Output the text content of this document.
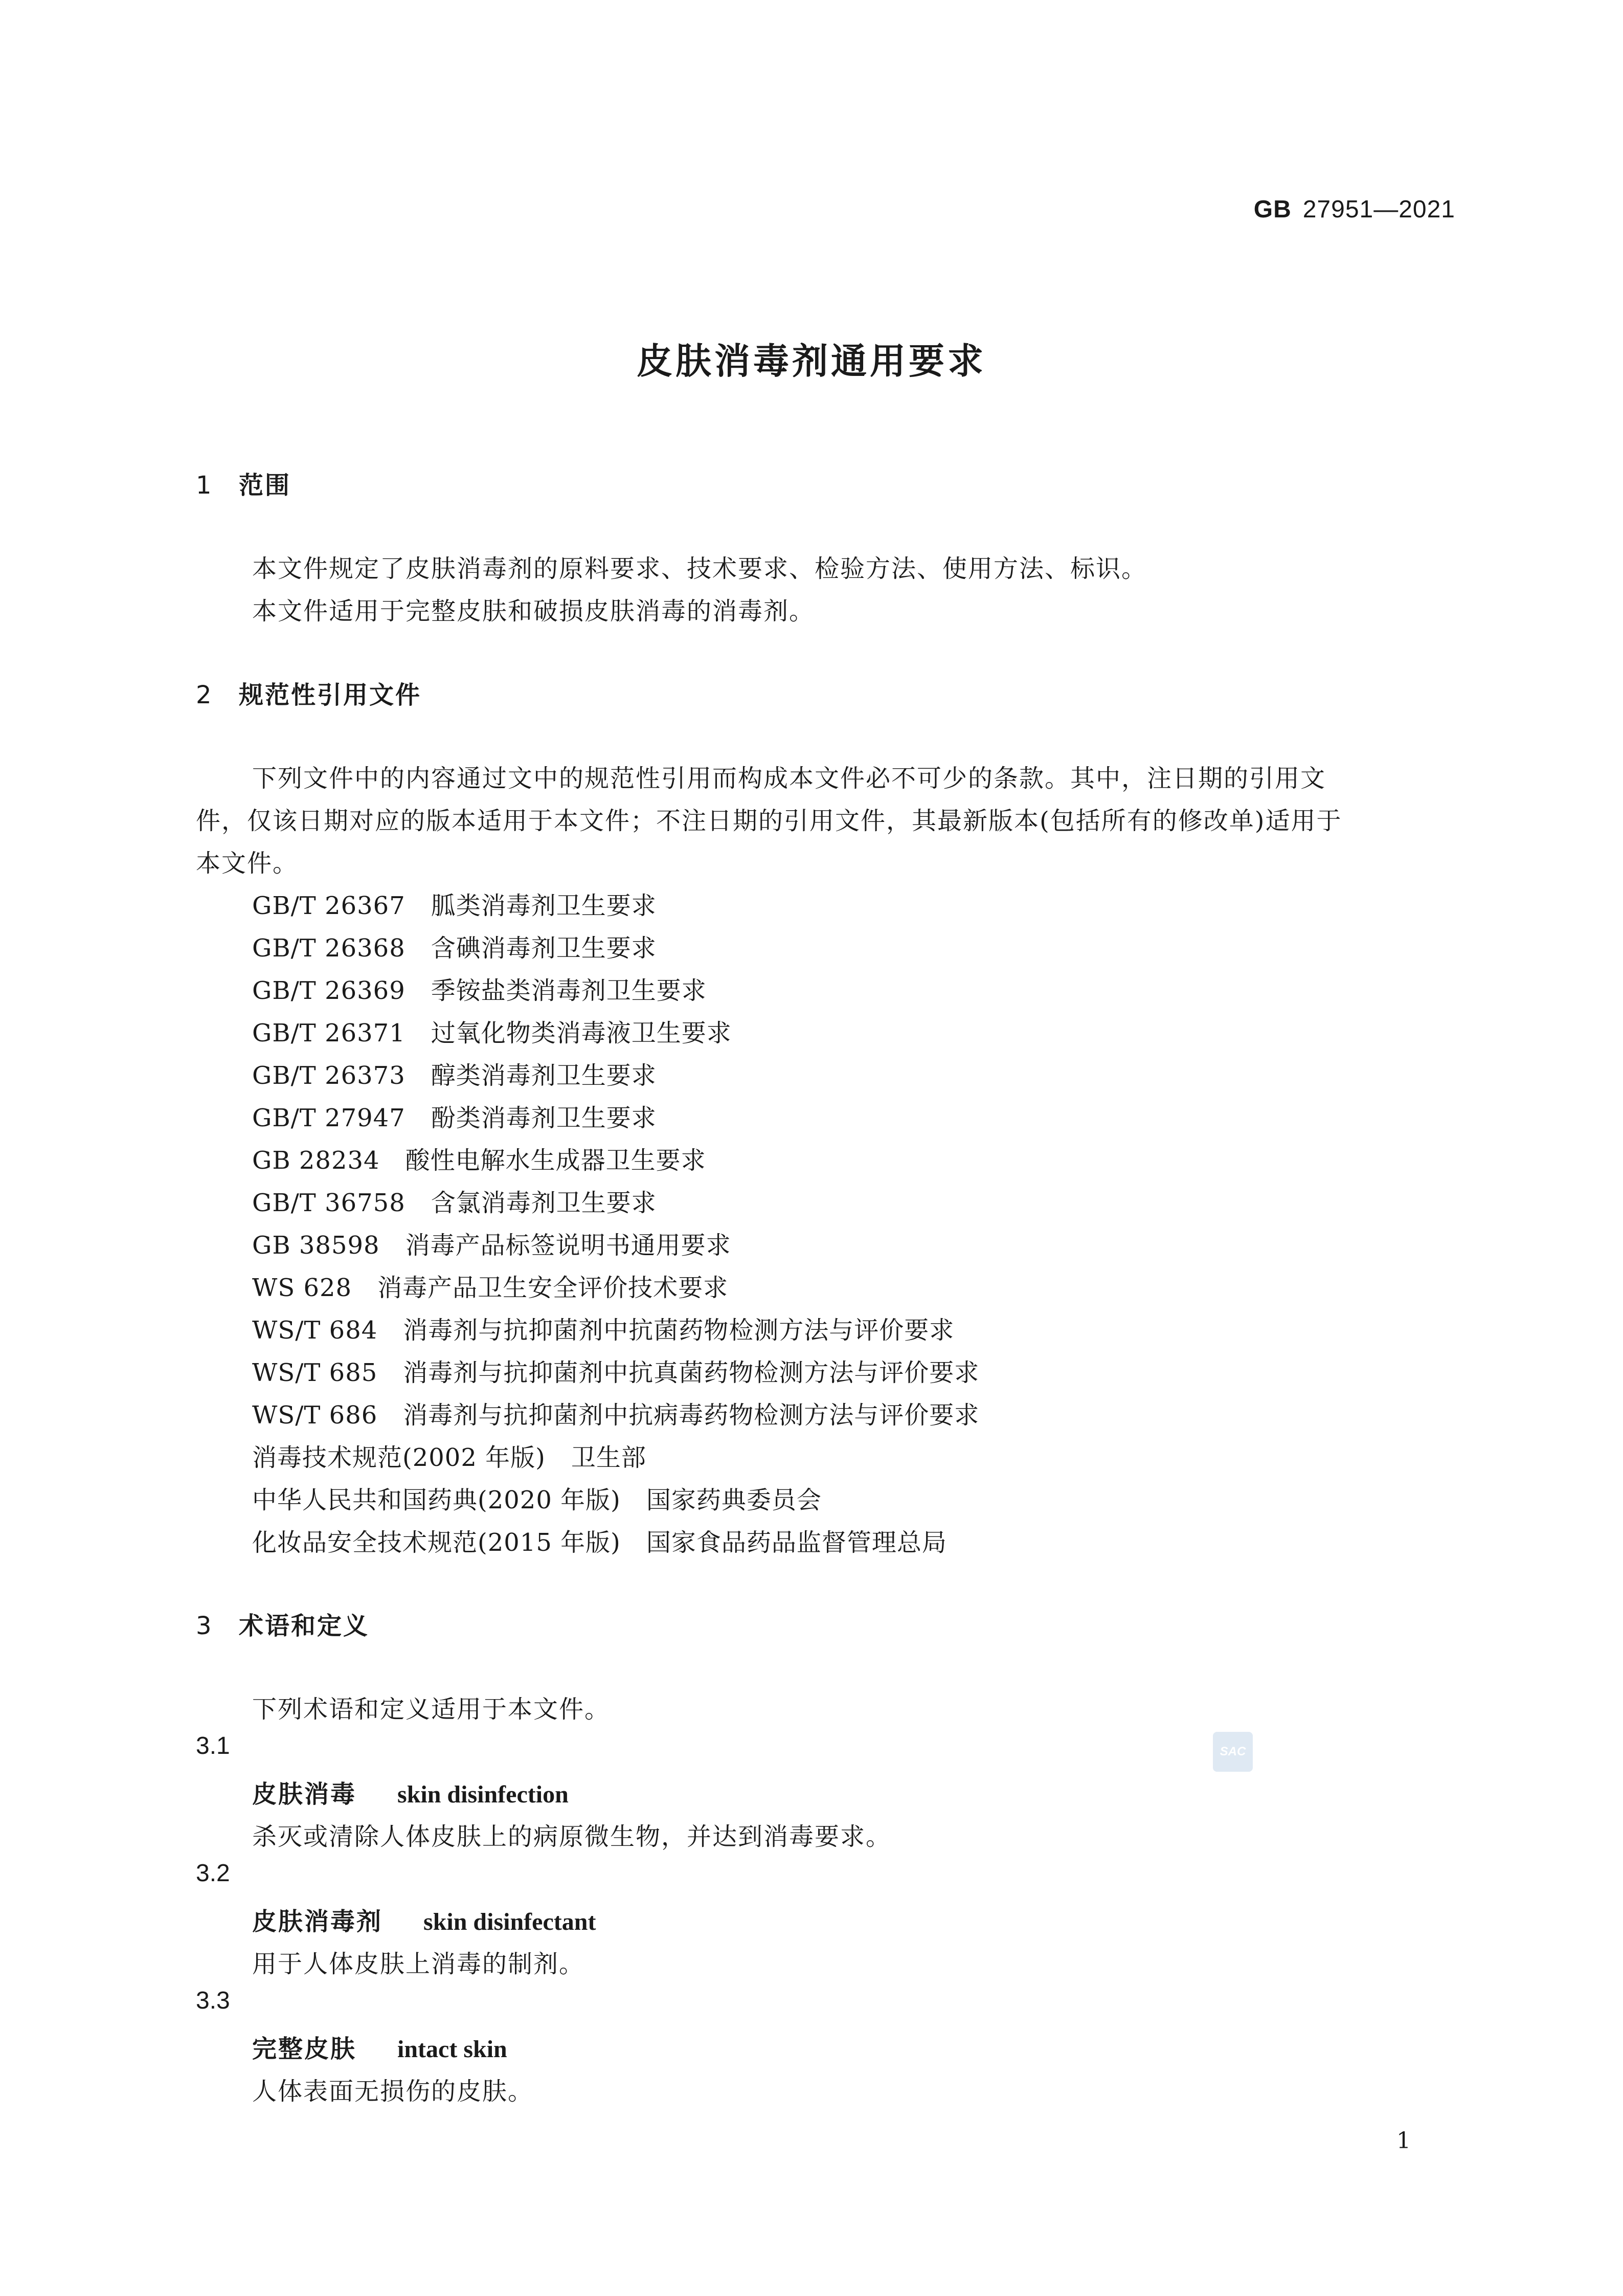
GB 27951—2021
皮肤消毒剂通用要求
1 范围
本文件规定了皮肤消毒剂的原料要求、技术要求、检验方法、使用方法、标识。
本文件适用于完整皮肤和破损皮肤消毒的消毒剂。
2 规范性引用文件
下列文件中的内容通过文中的规范性引用而构成本文件必不可少的条款。其中，注日期的引用文
件，仅该日期对应的版本适用于本文件；不注日期的引用文件，其最新版本(包括所有的修改单)适用于
本文件。
GB/T 26367 胍类消毒剂卫生要求
GB/T 26368 含碘消毒剂卫生要求
GB/T 26369 季铵盐类消毒剂卫生要求
GB/T 26371 过氧化物类消毒液卫生要求
GB/T 26373 醇类消毒剂卫生要求
GB/T 27947 酚类消毒剂卫生要求
GB 28234 酸性电解水生成器卫生要求
GB/T 36758 含氯消毒剂卫生要求
GB 38598 消毒产品标签说明书通用要求
WS 628 消毒产品卫生安全评价技术要求
WS/T 684 消毒剂与抗抑菌剂中抗菌药物检测方法与评价要求
WS/T 685 消毒剂与抗抑菌剂中抗真菌药物检测方法与评价要求
WS/T 686 消毒剂与抗抑菌剂中抗病毒药物检测方法与评价要求
消毒技术规范(2002 年版) 卫生部
中华人民共和国药典(2020 年版) 国家药典委员会
化妆品安全技术规范(2015 年版) 国家食品药品监督管理总局
3 术语和定义
下列术语和定义适用于本文件。
3.1
皮肤消毒 skin disinfection
杀灭或清除人体皮肤上的病原微生物，并达到消毒要求。
3.2
皮肤消毒剂 skin disinfectant
用于人体皮肤上消毒的制剂。
3.3
完整皮肤 intact skin
人体表面无损伤的皮肤。
SAC
1
